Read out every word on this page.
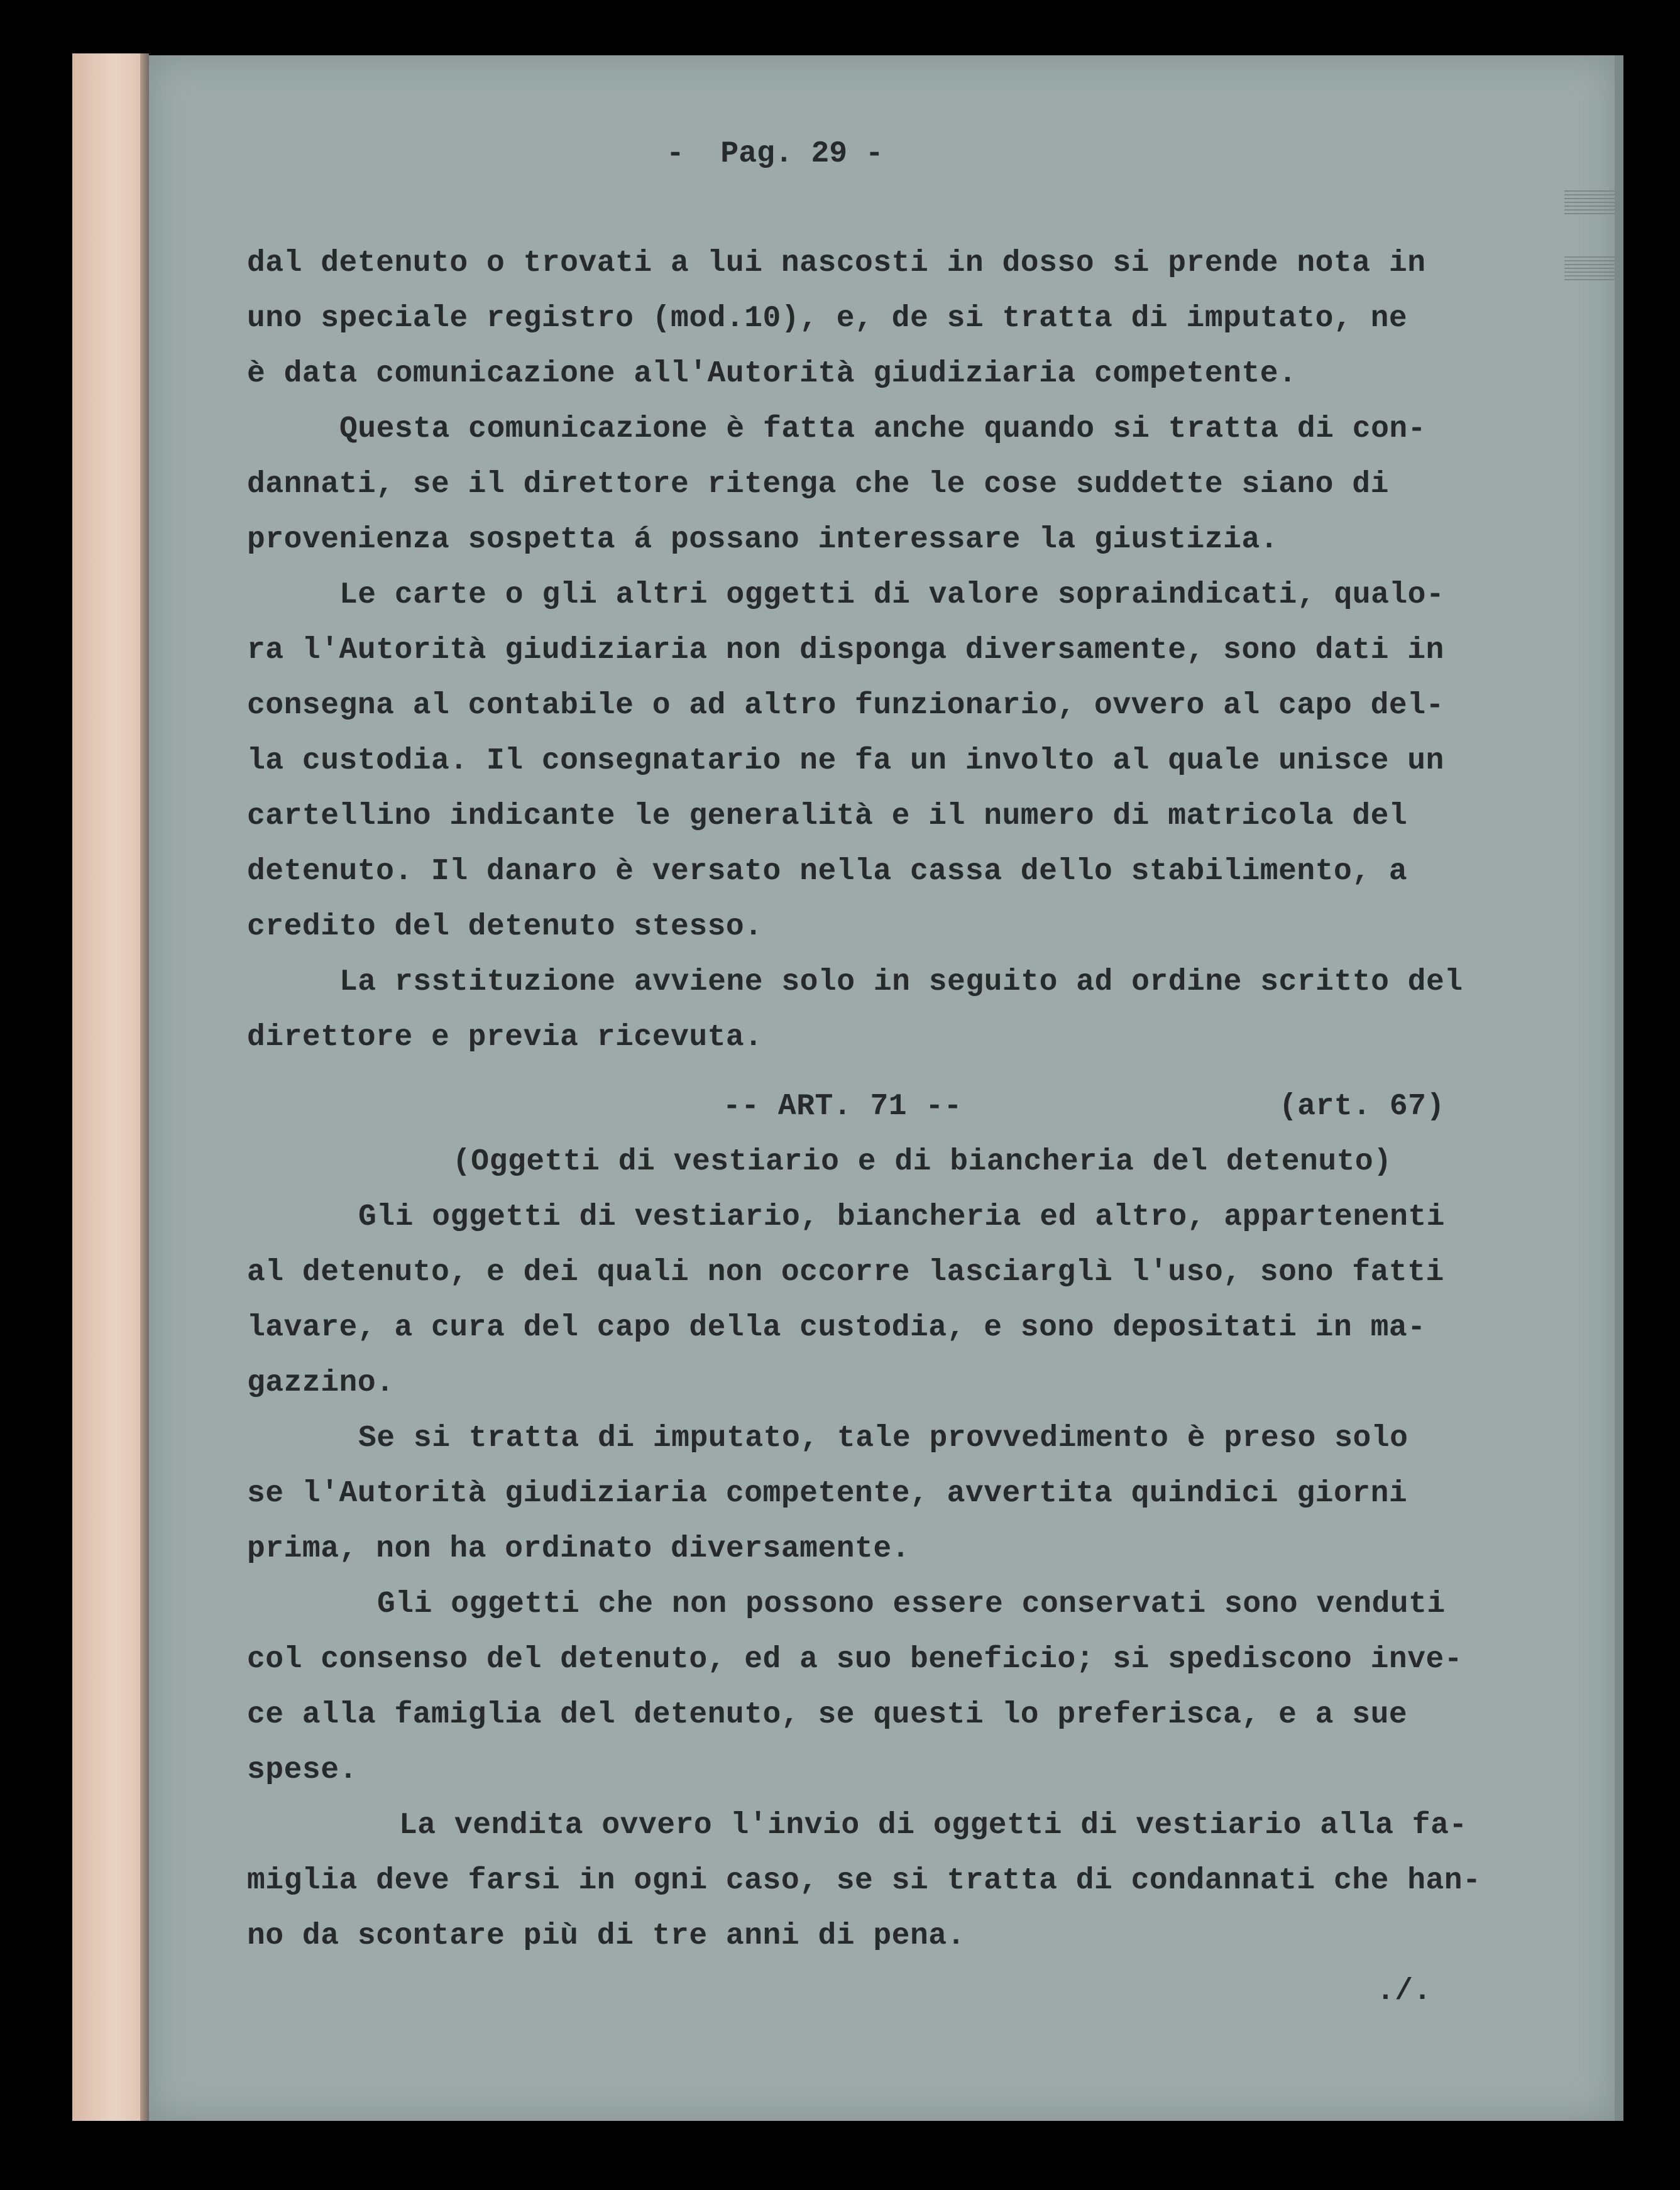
-  Pag. 29 -
dal detenuto o trovati a lui nascosti in dosso si prende nota in
uno speciale registro (mod.10), e, de si tratta di imputato, ne
è data comunicazione all'Autorità giudiziaria competente.
Questa comunicazione è fatta anche quando si tratta di con-
dannati, se il direttore ritenga che le cose suddette siano di
provenienza sospetta á possano interessare la giustizia.
Le carte o gli altri oggetti di valore sopraindicati, qualo-
ra l'Autorità giudiziaria non disponga diversamente, sono dati in
consegna al contabile o ad altro funzionario, ovvero al capo del-
la custodia. Il consegnatario ne fa un involto al quale unisce un
cartellino indicante le generalità e il numero di matricola del
detenuto. Il danaro è versato nella cassa dello stabilimento, a
credito del detenuto stesso.
La rsstituzione avviene solo in seguito ad ordine scritto del
direttore e previa ricevuta.
-- ART. 71 --	(art. 67)
(Oggetti di vestiario e di biancheria del detenuto)
Gli oggetti di vestiario, biancheria ed altro, appartenenti
al detenuto, e dei quali non occorre lasciarglì l'uso, sono fatti
lavare, a cura del capo della custodia, e sono depositati in ma-
gazzino.
Se si tratta di imputato, tale provvedimento è preso solo
se l'Autorità giudiziaria competente, avvertita quindici giorni
prima, non ha ordinato diversamente.
Gli oggetti che non possono essere conservati sono venduti
col consenso del detenuto, ed a suo beneficio; si spediscono inve-
ce alla famiglia del detenuto, se questi lo preferisca, e a sue
spese.
La vendita ovvero l'invio di oggetti di vestiario alla fa-
miglia deve farsi in ogni caso, se si tratta di condannati che han-
no da scontare più di tre anni di pena.
./.
